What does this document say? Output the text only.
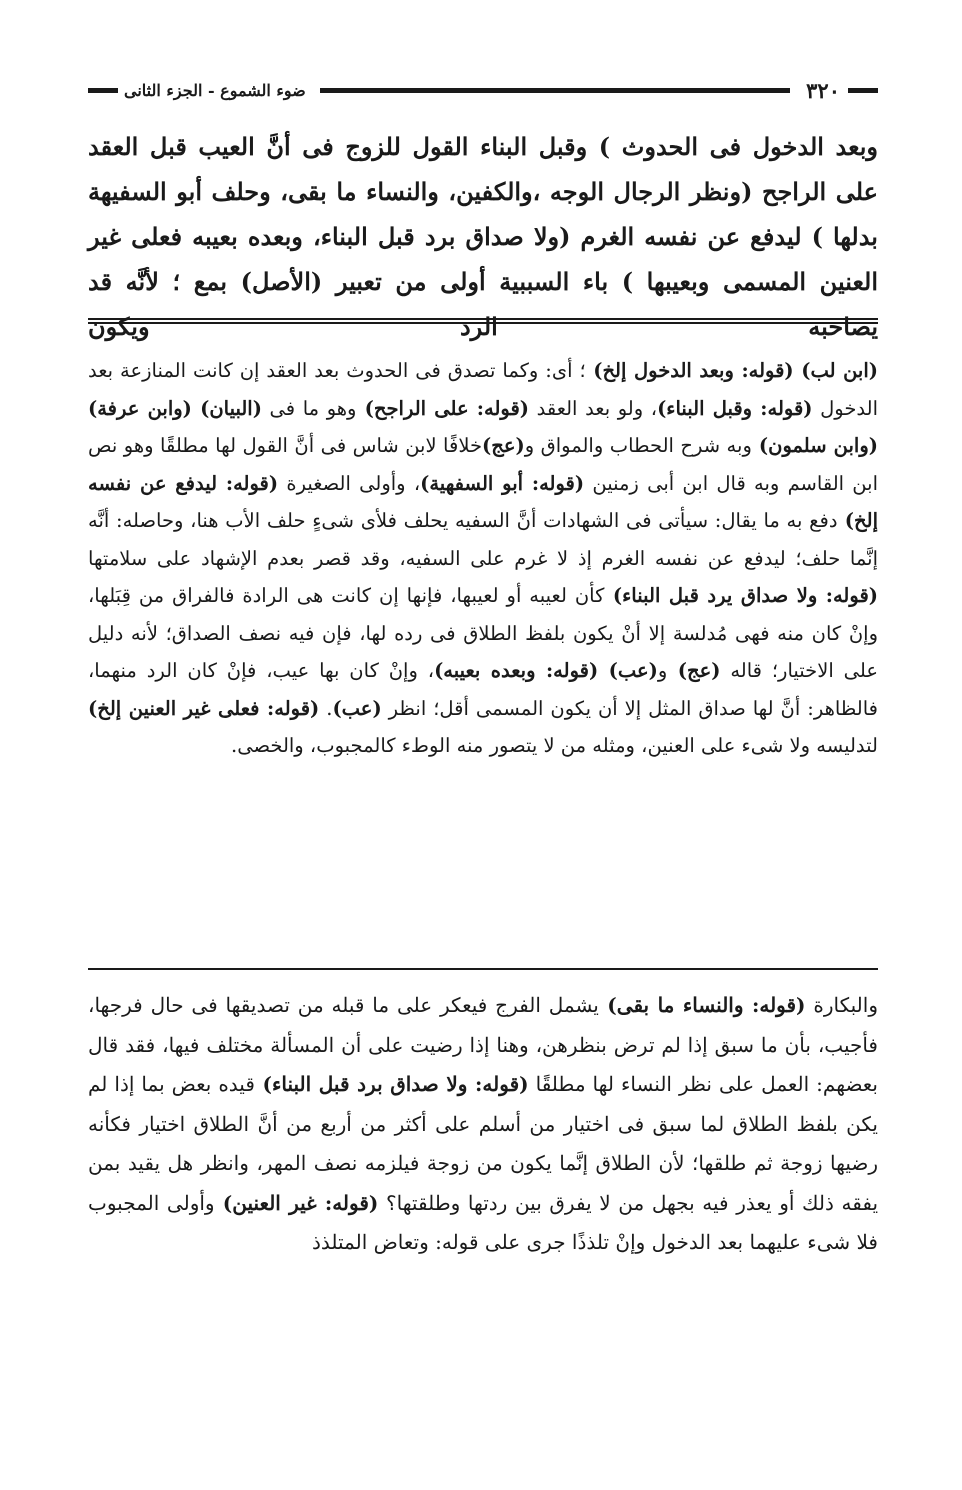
٣٢٠
ضوء الشموع - الجزء الثانى

وبعد الدخول فى الحدوث ) وقبل البناء القول للزوج فى أنَّ العيب قبل العقد على الراجح (ونظر الرجال الوجه ،والكفين، والنساء ما بقى، وحلف أبو السفيهة بدلها ) ليدفع عن نفسه الغرم (ولا صداق برد قبل البناء، وبعده بعيبه فعلى غير العنين المسمى وبعيبها ) باء السببية أولى من تعبير (الأصل) بمع ؛ لأنَّه قد يصاحبه الرد ويكون

(ابن لب) (قوله: وبعد الدخول إلخ) ؛ أى: وكما تصدق فى الحدوث بعد العقد إن كانت المنازعة بعد الدخول (قوله: وقبل البناء)، ولو بعد العقد (قوله: على الراجح) وهو ما فى (البيان) (وابن عرفة) (وابن سلمون) وبه شرح الحطاب والمواق و(عج)خلافًا لابن شاس فى أنَّ القول لها مطلقًا وهو نص ابن القاسم وبه قال ابن أبى زمنين (قوله: أبو السفهية)، وأولى الصغيرة (قوله: ليدفع عن نفسه إلخ) دفع به ما يقال: سيأتى فى الشهادات أنَّ السفيه يحلف فلأى شىءٍ حلف الأب هنا، وحاصله: أنَّه إنَّما حلف؛ ليدفع عن نفسه الغرم إذ لا غرم على السفيه، وقد قصر بعدم الإشهاد على سلامتها (قوله: ولا صداق يرد قبل البناء) كأن لعيبه أو لعيبها، فإنها إن كانت هى الرادة فالفراق من قِبَلها، وإنْ كان منه فهى مُدلسة إلا أنْ يكون بلفظ الطلاق فى رده لها، فإن فيه نصف الصداق؛ لأنه دليل على الاختيار؛ قاله (عج) و(عب) (قوله: وبعده بعيبه)، وإنْ كان بها عيب، فإنْ كان الرد منهما، فالظاهر: أنَّ لها صداق المثل إلا أن يكون المسمى أقل؛ انظر (عب). (قوله: فعلى غير العنين إلخ) لتدليسه ولا شىء على العنين، ومثله من لا يتصور منه الوطء كالمجبوب، والخصى.

والبكارة (قوله: والنساء ما بقى) يشمل الفرج فيعكر على ما قبله من تصديقها فى حال فرجها، فأجيب، بأن ما سبق إذا لم ترض بنظرهن، وهنا إذا رضيت على أن المسألة مختلف فيها، فقد قال بعضهم: العمل على نظر النساء لها مطلقًا (قوله: ولا صداق برد قبل البناء) قيده بعض بما إذا لم يكن بلفظ الطلاق لما سبق فى اختيار من أسلم على أكثر من أربع من أنَّ الطلاق اختيار فكأنه رضيها زوجة ثم طلقها؛ لأن الطلاق إنَّما يكون من زوجة فيلزمه نصف المهر، وانظر هل يقيد بمن يفقه ذلك أو يعذر فيه بجهل من لا يفرق بين ردتها وطلقتها؟ (قوله: غير العنين) وأولى المجبوب فلا شىء عليهما بعد الدخول وإنْ تلذذًا جرى على قوله: وتعاض المتلذذ
